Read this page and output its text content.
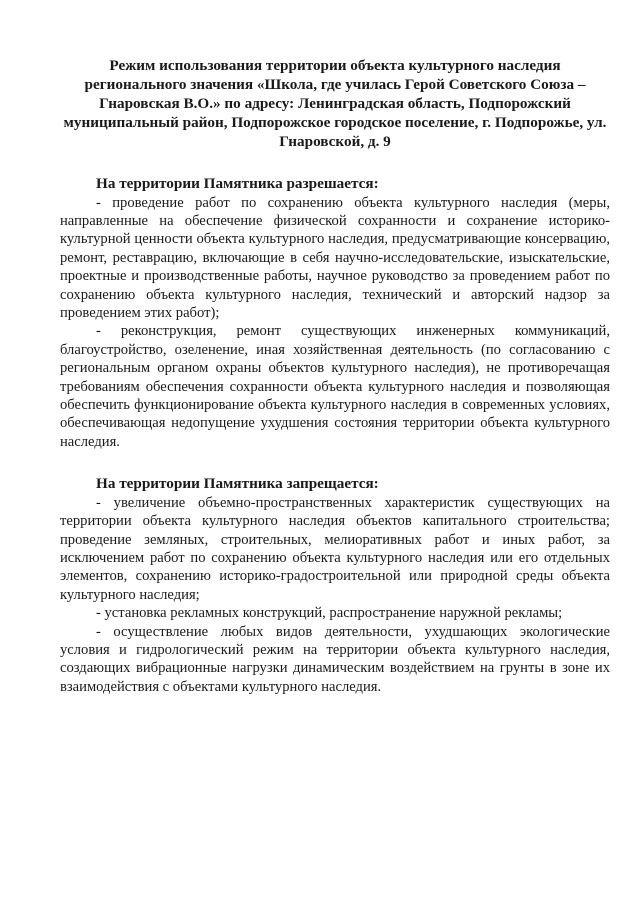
Режим использования территории объекта культурного наследия регионального значения «Школа, где училась Герой Советского Союза – Гнаровская В.О.» по адресу: Ленинградская область, Подпорожский муниципальный район, Подпорожское городское поселение, г. Подпорожье, ул. Гнаровской, д. 9

На территории Памятника разрешается:

- проведение работ по сохранению объекта культурного наследия (меры, направленные на обеспечение физической сохранности и сохранение историко-культурной ценности объекта культурного наследия, предусматривающие консервацию, ремонт, реставрацию, включающие в себя научно-исследовательские, изыскательские, проектные и производственные работы, научное руководство за проведением работ по сохранению объекта культурного наследия, технический и авторский надзор за проведением этих работ);

- реконструкция, ремонт существующих инженерных коммуникаций, благоустройство, озеленение, иная хозяйственная деятельность (по согласованию с региональным органом охраны объектов культурного наследия), не противоречащая требованиям обеспечения сохранности объекта культурного наследия и позволяющая обеспечить функционирование объекта культурного наследия в современных условиях, обеспечивающая недопущение ухудшения состояния территории объекта культурного наследия.

На территории Памятника запрещается:

- увеличение объемно-пространственных характеристик существующих на территории объекта культурного наследия объектов капитального строительства; проведение земляных, строительных, мелиоративных работ и иных работ, за исключением работ по сохранению объекта культурного наследия или его отдельных элементов, сохранению историко-градостроительной или природной среды объекта культурного наследия;

- установка рекламных конструкций, распространение наружной рекламы;

- осуществление любых видов деятельности, ухудшающих экологические условия и гидрологический режим на территории объекта культурного наследия, создающих вибрационные нагрузки динамическим воздействием на грунты в зоне их взаимодействия с объектами культурного наследия.
